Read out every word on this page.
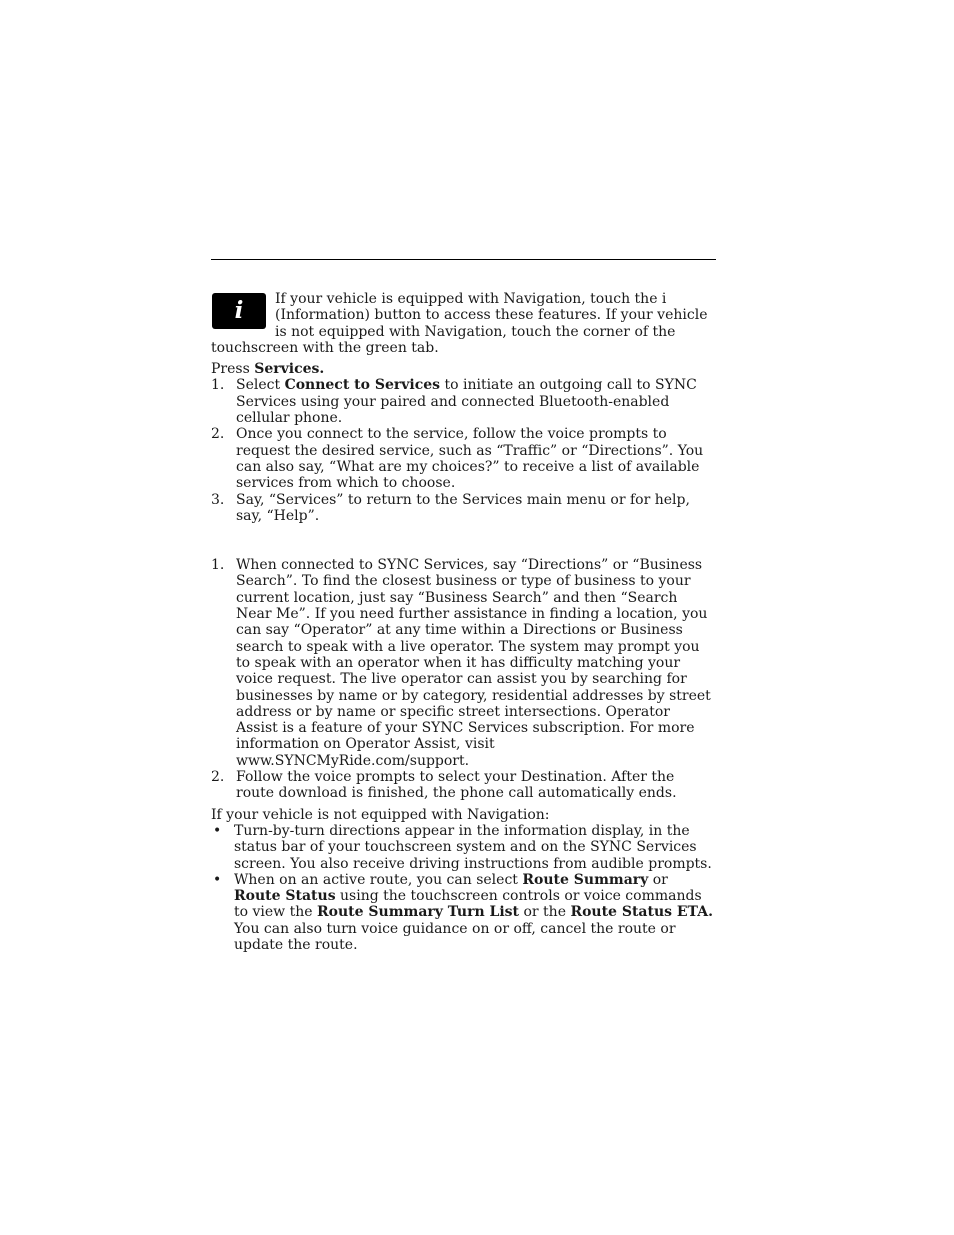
i	If your vehicle is equipped with Navigation, touch the i (Information) button to access these features. If your vehicle is not equipped with Navigation, touch the corner of the touchscreen with the green tab.

Press Services.

1. Select Connect to Services to initiate an outgoing call to SYNC Services using your paired and connected Bluetooth-enabled cellular phone.
2. Once you connect to the service, follow the voice prompts to request the desired service, such as “Traffic” or “Directions”. You can also say, “What are my choices?” to receive a list of available services from which to choose.
3. Say, “Services” to return to the Services main menu or for help, say, “Help”.
1. When connected to SYNC Services, say “Directions” or “Business Search”. To find the closest business or type of business to your current location, just say “Business Search” and then “Search Near Me”. If you need further assistance in finding a location, you can say “Operator” at any time within a Directions or Business search to speak with a live operator. The system may prompt you to speak with an operator when it has difficulty matching your voice request. The live operator can assist you by searching for businesses by name or by category, residential addresses by street address or by name or specific street intersections. Operator Assist is a feature of your SYNC Services subscription. For more information on Operator Assist, visit www.SYNCMyRide.com/support.
2. Follow the voice prompts to select your Destination. After the route download is finished, the phone call automatically ends.

If your vehicle is not equipped with Navigation:

• Turn-by-turn directions appear in the information display, in the status bar of your touchscreen system and on the SYNC Services screen. You also receive driving instructions from audible prompts.
• When on an active route, you can select Route Summary or Route Status using the touchscreen controls or voice commands to view the Route Summary Turn List or the Route Status ETA. You can also turn voice guidance on or off, cancel the route or update the route.
